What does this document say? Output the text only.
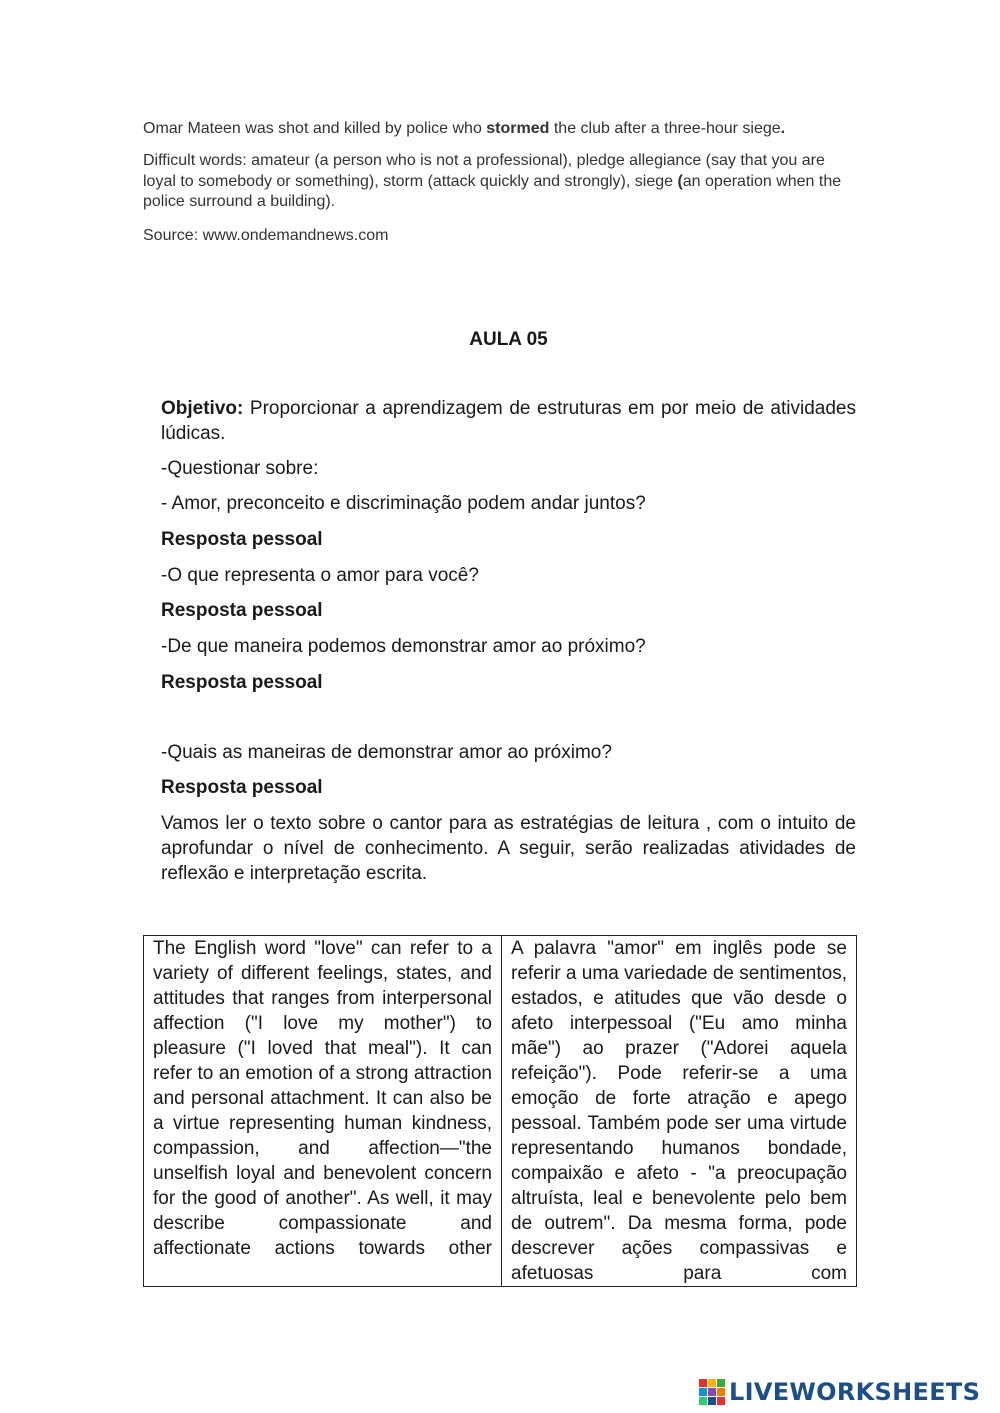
Omar Mateen was shot and killed by police who stormed the club after a three-hour siege.
Difficult words: amateur (a person who is not a professional), pledge allegiance (say that you are loyal to somebody or something), storm (attack quickly and strongly), siege (an operation when the police surround a building).
Source: www.ondemandnews.com
AULA 05
Objetivo: Proporcionar a aprendizagem de estruturas em por meio de atividades lúdicas.
-Questionar sobre:
- Amor, preconceito e discriminação podem andar juntos?
Resposta pessoal
-O que representa o amor para você?
Resposta pessoal
-De que maneira podemos demonstrar amor ao próximo?
Resposta pessoal
-Quais as maneiras de demonstrar amor ao próximo?
Resposta pessoal
Vamos ler o texto sobre o cantor para as estratégias de leitura , com o intuito de aprofundar o nível de conhecimento. A seguir, serão realizadas atividades de reflexão e interpretação escrita.
The English word "love" can refer to a variety of different feelings, states, and attitudes that ranges from interpersonal affection ("I love my mother") to pleasure ("I loved that meal"). It can refer to an emotion of a strong attraction and personal attachment. It can also be a virtue representing human kindness, compassion, and affection—"the unselfish loyal and benevolent concern for the good of another". As well, it may describe compassionate and affectionate actions towards other	A palavra "amor" em inglês pode se referir a uma variedade de sentimentos, estados, e atitudes que vão desde o afeto interpessoal ("Eu amo minha mãe") ao prazer ("Adorei aquela refeição"). Pode referir-se a uma emoção de forte atração e apego pessoal. Também pode ser uma virtude representando humanos bondade, compaixão e afeto - "a preocupação altruísta, leal e benevolente pelo bem de outrem". Da mesma forma, pode descrever ações compassivas e afetuosas para com
LIVEWORKSHEETS
